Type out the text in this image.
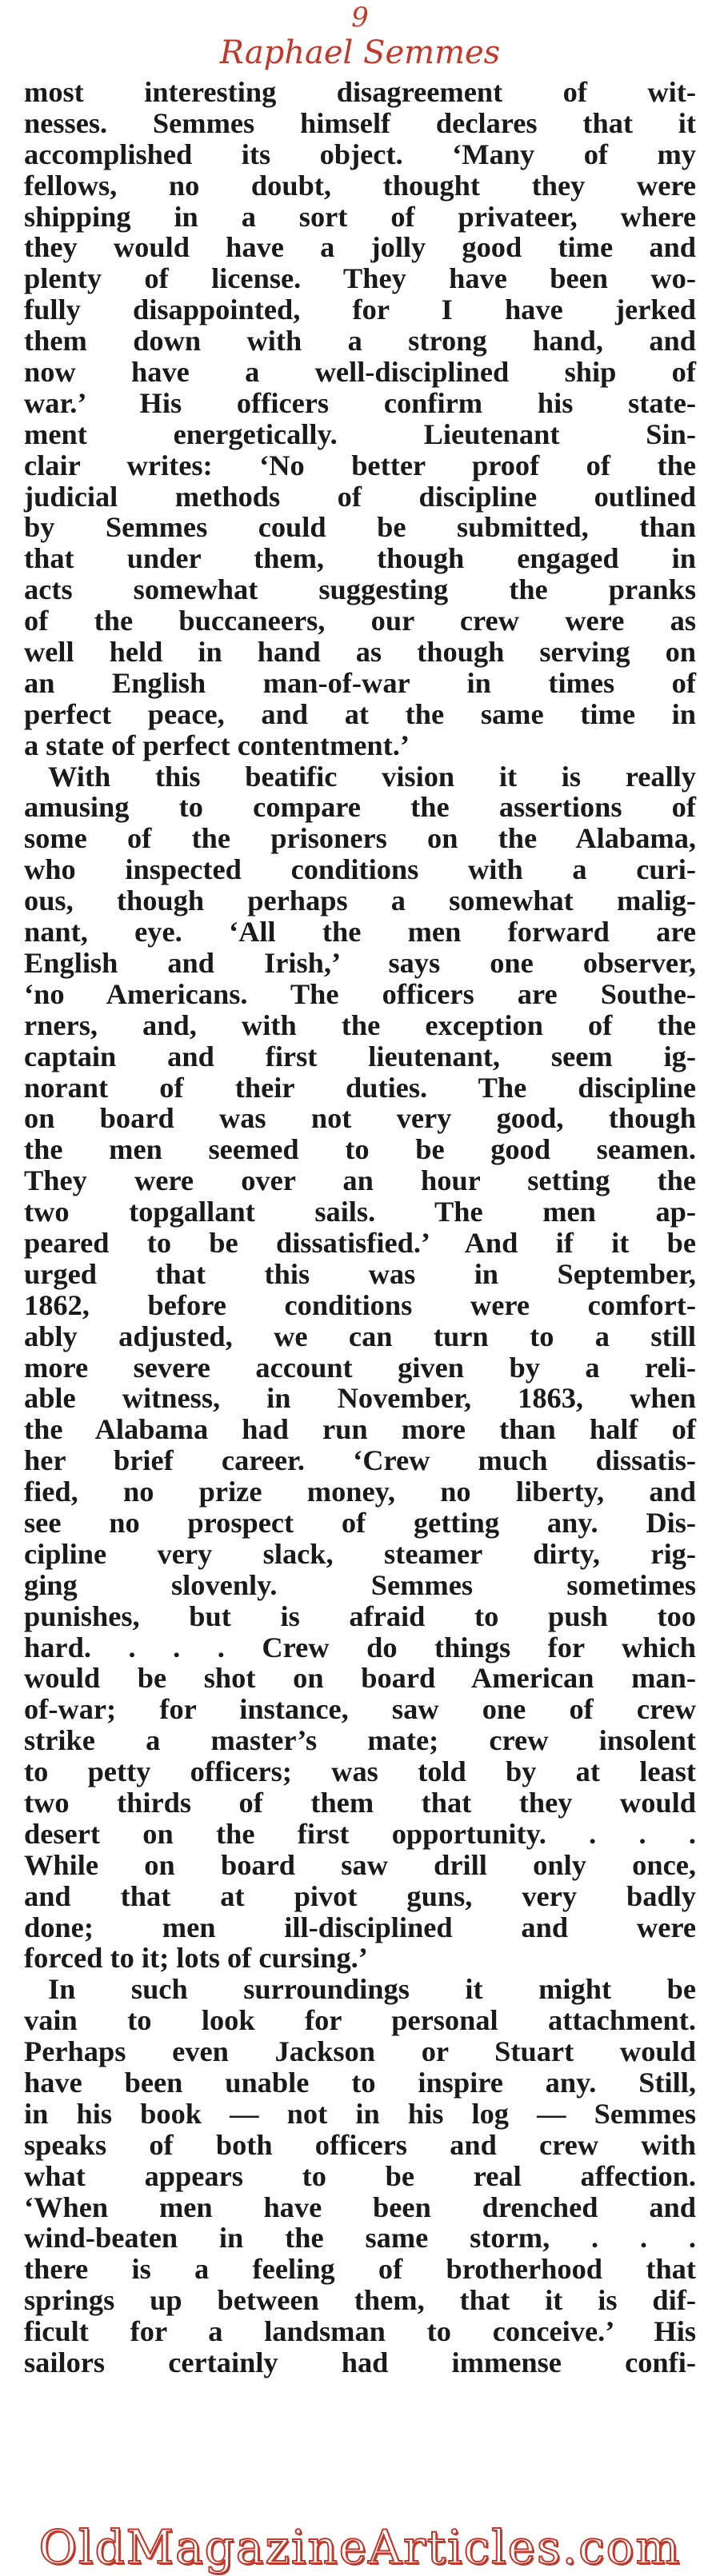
9
Raphael Semmes
most interesting disagreement of wit-
nesses. Semmes himself declares that it
accomplished its object. ‘Many of my
fellows, no doubt, thought they were
shipping in a sort of privateer, where
they would have a jolly good time and
plenty of license. They have been wo-
fully disappointed, for I have jerked
them down with a strong hand, and
now have a well-disciplined ship of
war.’ His officers confirm his state-
ment energetically. Lieutenant Sin-
clair writes: ‘No better proof of the
judicial methods of discipline outlined
by Semmes could be submitted, than
that under them, though engaged in
acts somewhat suggesting the pranks
of the buccaneers, our crew were as
well held in hand as though serving on
an English man-of-war in times of
perfect peace, and at the same time in
a state of perfect contentment.’
With this beatific vision it is really
amusing to compare the assertions of
some of the prisoners on the Alabama,
who inspected conditions with a curi-
ous, though perhaps a somewhat malig-
nant, eye. ‘All the men forward are
English and Irish,’ says one observer,
‘no Americans. The officers are Southe-
rners, and, with the exception of the
captain and first lieutenant, seem ig-
norant of their duties. The discipline
on board was not very good, though
the men seemed to be good seamen.
They were over an hour setting the
two topgallant sails. The men ap-
peared to be dissatisfied.’ And if it be
urged that this was in September,
1862, before conditions were comfort-
ably adjusted, we can turn to a still
more severe account given by a reli-
able witness, in November, 1863, when
the Alabama had run more than half of
her brief career. ‘Crew much dissatis-
fied, no prize money, no liberty, and
see no prospect of getting any. Dis-
cipline very slack, steamer dirty, rig-
ging slovenly. Semmes sometimes
punishes, but is afraid to push too
hard. . . . Crew do things for which
would be shot on board American man-
of-war; for instance, saw one of crew
strike a master’s mate; crew insolent
to petty officers; was told by at least
two thirds of them that they would
desert on the first opportunity. . . .
While on board saw drill only once,
and that at pivot guns, very badly
done; men ill-disciplined and were
forced to it; lots of cursing.’
In such surroundings it might be
vain to look for personal attachment.
Perhaps even Jackson or Stuart would
have been unable to inspire any. Still,
in his book — not in his log — Semmes
speaks of both officers and crew with
what appears to be real affection.
‘When men have been drenched and
wind-beaten in the same storm, . . .
there is a feeling of brotherhood that
springs up between them, that it is dif-
ficult for a landsman to conceive.’ His
sailors certainly had immense confi-
OldMagazineArticles.com
